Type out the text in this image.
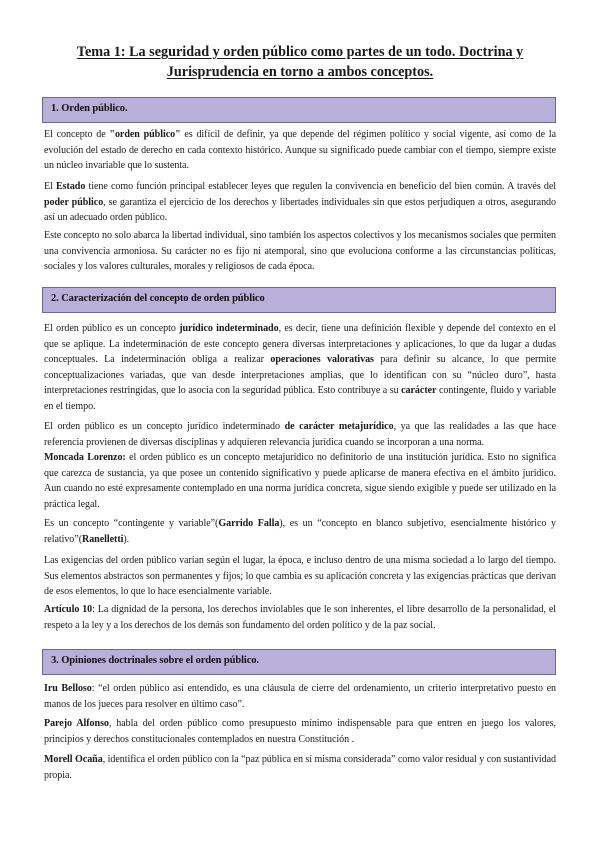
Tema 1: La seguridad y orden público como partes de un todo. Doctrina y Jurisprudencia en torno a ambos conceptos.
1. Orden público.
El concepto de "orden público" es difícil de definir, ya que depende del régimen político y social vigente, así como de la evolución del estado de derecho en cada contexto histórico. Aunque su significado puede cambiar con el tiempo, siempre existe un núcleo invariable que lo sustenta.
El Estado tiene como función principal establecer leyes que regulen la convivencia en beneficio del bien común. A través del poder público, se garantiza el ejercicio de los derechos y libertades individuales sin que estos perjudiquen a otros, asegurando así un adecuado orden público.
Este concepto no solo abarca la libertad individual, sino también los aspectos colectivos y los mecanismos sociales que permiten una convivencia armoniosa. Su carácter no es fijo ni atemporal, sino que evoluciona conforme a las circunstancias políticas, sociales y los valores culturales, morales y religiosos de cada época.
2. Caracterización del concepto de orden público
El orden público es un concepto jurídico indeterminado, es decir, tiene una definición flexible y depende del contexto en el que se aplique. La indeterminación de este concepto genera diversas interpretaciones y aplicaciones, lo que da lugar a dudas conceptuales. La indeterminación obliga a realizar operaciones valorativas para definir su alcance, lo que permite conceptualizaciones variadas, que van desde interpretaciones amplias, que lo identifican con su “núcleo duro”, hasta interpretaciones restringidas, que lo asocia con la seguridad pública. Esto contribuye a su carácter contingente, fluido y variable en el tiempo.
El orden público es un concepto jurídico indeterminado de carácter metajurídico, ya que las realidades a las que hace referencia provienen de diversas disciplinas y adquieren relevancia jurídica cuando se incorporan a una norma.
Moncada Lorenzo: el orden público es un concepto metajurídico no definitorio de una institución jurídica. Esto no significa que carezca de sustancia, ya que posee un contenido significativo y puede aplicarse de manera efectiva en el ámbito jurídico. Aun cuando no esté expresamente contemplado en una norma jurídica concreta, sigue siendo exigible y puede ser utilizado en la práctica legal.
Es un concepto “contingente y variable”(Garrido Falla), es un “concepto en blanco subjetivo, esencialmente histórico y relativo”(Ranelletti).
Las exigencias del orden público varían según el lugar, la época, e incluso dentro de una misma sociedad a lo largo del tiempo. Sus elementos abstractos son permanentes y fijos; lo que cambia es su aplicación concreta y las exigencias prácticas que derivan de esos elementos, lo que lo hace esencialmente variable.
Artículo 10: La dignidad de la persona, los derechos inviolables que le son inherentes, el libre desarrollo de la personalidad, el respeto a la ley y a los derechos de los demás son fundamento del orden político y de la paz social.
3. Opiniones doctrinales sobre el orden público.
Iru Belloso: “el orden público así entendido, es una cláusula de cierre del ordenamiento, un criterio interpretativo puesto en manos de los jueces para resolver en último caso”.
Parejo Alfonso, habla del orden público como presupuesto mínimo indispensable para que entren en juego los valores, principios y derechos constitucionales contemplados en nuestra Constitución .
Morell Ocaña, identifica el orden público con la “paz pública en sí misma considerada” como valor residual y con sustantividad propia.
